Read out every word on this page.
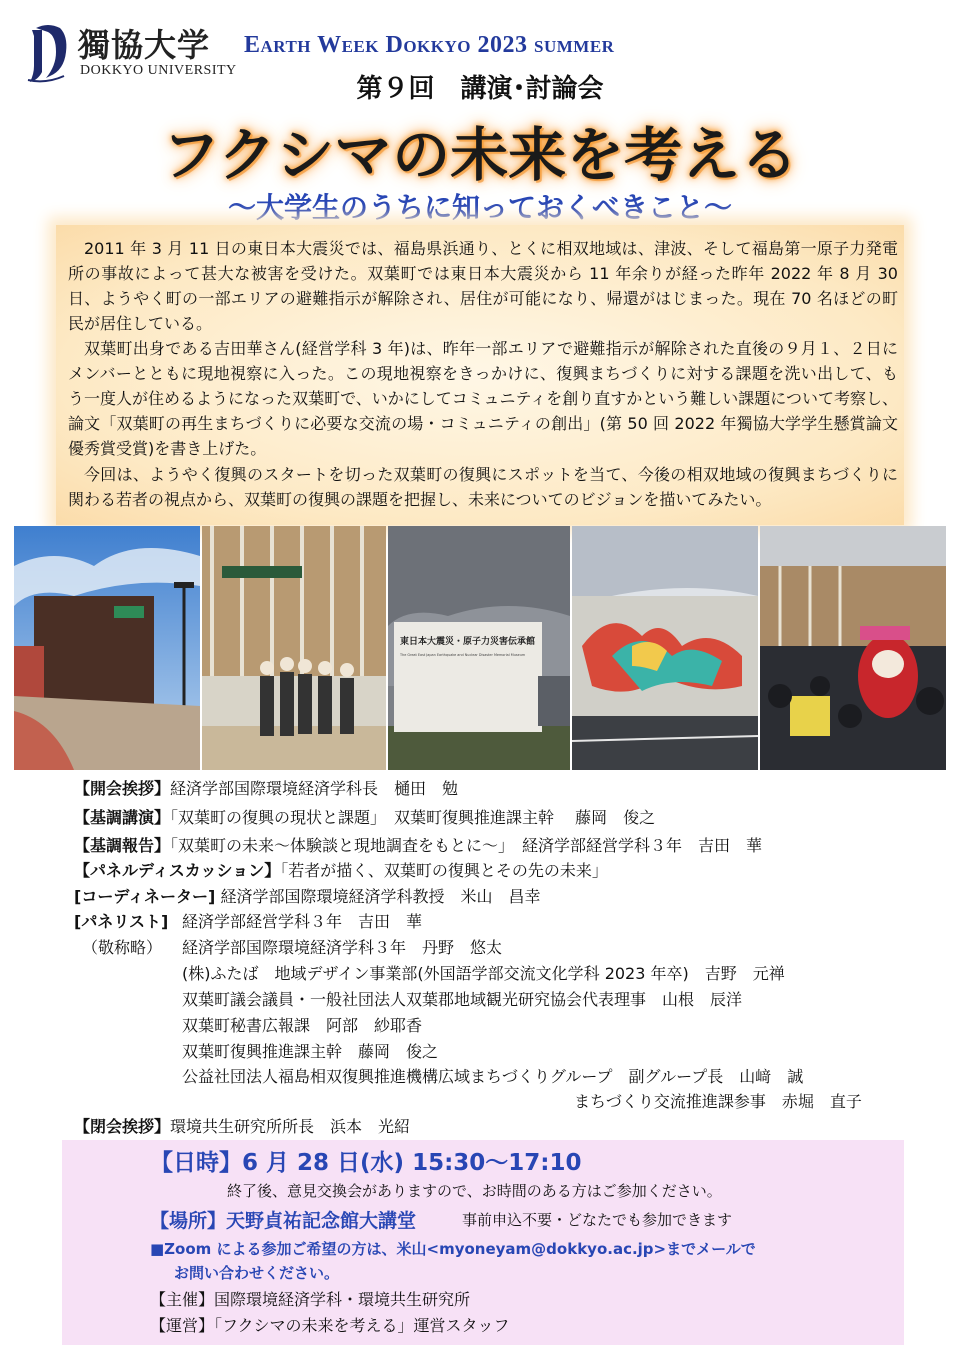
獨協大学
DOKKYO UNIVERSITY
Earth Week Dokkyo 2023 summer
第９回　講演･討論会
フクシマの未来を考える
～大学生のうちに知っておくべきこと～

2011 年 3 月 11 日の東日本大震災では、福島県浜通り、とくに相双地域は、津波、そして福島第一原子力発電所の事故によって甚大な被害を受けた。双葉町では東日本大震災から 11 年余りが経った昨年 2022 年 8 月 30 日、ようやく町の一部エリアの避難指示が解除され、居住が可能になり、帰還がはじまった。現在 70 名ほどの町民が居住している。

双葉町出身である吉田華さん(経営学科 3 年)は、昨年一部エリアで避難指示が解除された直後の９月１、２日にメンバーとともに現地視察に入った。この現地視察をきっかけに、復興まちづくりに対する課題を洗い出して、もう一度人が住めるようになった双葉町で、いかにしてコミュニティを創り直すかという難しい課題について考察し、論文「双葉町の再生まちづくりに必要な交流の場・コミュニティの創出」(第 50 回 2022 年獨協大学学生懸賞論文優秀賞受賞)を書き上げた。

今回は、ようやく復興のスタートを切った双葉町の復興にスポットを当て、今後の相双地域の復興まちづくりに関わる若者の視点から、双葉町の復興の課題を把握し、未来についてのビジョンを描いてみたい。

東日本大震災・原子力災害伝承館
The Great East Japan Earthquake and Nuclear Disaster Memorial Museum
【開会挨拶】経済学部国際環境経済学科長　樋田　勉
【基調講演】「双葉町の復興の現状と課題」　双葉町復興推進課主幹　 藤岡　俊之
【基調報告】「双葉町の未来～体験談と現地調査をもとに～」　経済学部経営学科３年　吉田　華
【パネルディスカッション】「若者が描く、双葉町の復興とその先の未来」
[コーディネーター] 経済学部国際環境経済学科教授　米山　昌幸
[パネリスト]
（敬称略）
経済学部経営学科３年　吉田　華
経済学部国際環境経済学科３年　丹野　悠太
(株)ふたば　地域デザイン事業部(外国語学部交流文化学科 2023 年卒)　吉野　元禅
双葉町議会議員・一般社団法人双葉郡地域観光研究協会代表理事　山根　辰洋
双葉町秘書広報課　阿部　紗耶香
双葉町復興推進課主幹　藤岡　俊之
公益社団法人福島相双復興推進機構広域まちづくりグループ　副グループ長　山﨑　誠
まちづくり交流推進課参事　赤堀　直子
【閉会挨拶】環境共生研究所所長　浜本　光紹
【日時】6 月 28 日(水) 15:30～17:10
終了後、意見交換会がありますので、お時間のある方はご参加ください。
【場所】天野貞祐記念館大講堂	事前申込不要・どなたでも参加できます
■Zoom による参加ご希望の方は、米山<myoneyam@dokkyo.ac.jp>までメールで
お問い合わせください。
【主催】国際環境経済学科・環境共生研究所
【運営】「フクシマの未来を考える」運営スタッフ
